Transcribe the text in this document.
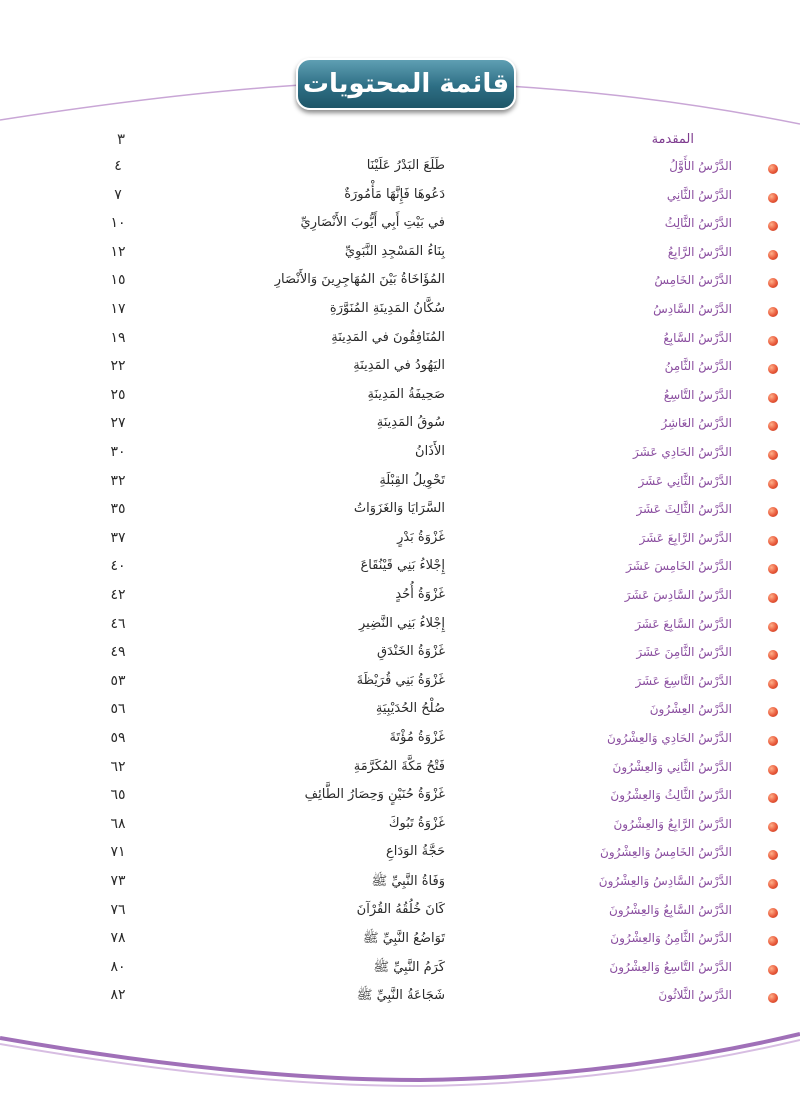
قائمة المحتويات
المقدمة
٣
الدَّرْسُ الأَوَّلُ
طَلَعَ البَدْرُ عَلَيْنَا
٤
الدَّرْسُ الثَّانِي
دَعُوهَا فَإِنَّهَا مَأْمُورَةٌ
٧
الدَّرْسُ الثَّالِثُ
في بَيْتِ أَبِي أَيُّوبَ الأَنْصَارِيِّ
١٠
الدَّرْسُ الرَّابِعُ
بِنَاءُ المَسْجِدِ النَّبَوِيِّ
١٢
الدَّرْسُ الخَامِسُ
المُؤَاخَاةُ بَيْنَ المُهَاجِرِينَ وَالأَنْصَارِ
١٥
الدَّرْسُ السَّادِسُ
سُكَّانُ المَدِينَةِ المُنَوَّرَةِ
١٧
الدَّرْسُ السَّابِعُ
المُنَافِقُونَ في المَدِينَةِ
١٩
الدَّرْسُ الثَّامِنُ
اليَهُودُ في المَدِينَةِ
٢٢
الدَّرْسُ التَّاسِعُ
صَحِيفَةُ المَدِينَةِ
٢٥
الدَّرْسُ العَاشِرُ
سُوقُ المَدِينَةِ
٢٧
الدَّرْسُ الحَادِي عَشَرَ
الأَذَانُ
٣٠
الدَّرْسُ الثَّانِي عَشَرَ
تَحْوِيلُ القِبْلَةِ
٣٢
الدَّرْسُ الثَّالِثَ عَشَرَ
السَّرَايَا وَالغَزَوَاتُ
٣٥
الدَّرْسُ الرَّابِعَ عَشَرَ
غَزْوَةُ بَدْرٍ
٣٧
الدَّرْسُ الخَامِسَ عَشَرَ
إِجْلاءُ بَنِي قَيْنُقَاعَ
٤٠
الدَّرْسُ السَّادِسَ عَشَرَ
غَزْوَةُ أُحُدٍ
٤٢
الدَّرْسُ السَّابِعَ عَشَرَ
إِجْلاءُ بَنِي النَّضِيرِ
٤٦
الدَّرْسُ الثَّامِنَ عَشَرَ
غَزْوَةُ الخَنْدَقِ
٤٩
الدَّرْسُ التَّاسِعَ عَشَرَ
غَزْوَةُ بَنِي قُرَيْظَةَ
٥٣
الدَّرْسُ العِشْرُونَ
صُلْحُ الحُدَيْبِيَةِ
٥٦
الدَّرْسُ الحَادِي وَالعِشْرُونَ
غَزْوَةُ مُؤْتَةَ
٥٩
الدَّرْسُ الثَّانِي وَالعِشْرُونَ
فَتْحُ مَكَّةَ المُكَرَّمَةِ
٦٢
الدَّرْسُ الثَّالِثُ وَالعِشْرُونَ
غَزْوَةُ حُنَيْنٍ وَحِصَارُ الطَّائِفِ
٦٥
الدَّرْسُ الرَّابِعُ وَالعِشْرُونَ
غَزْوَةُ تَبُوكَ
٦٨
الدَّرْسُ الخَامِسُ وَالعِشْرُونَ
حَجَّةُ الوَدَاعِ
٧١
الدَّرْسُ السَّادِسُ وَالعِشْرُونَ
وَفَاةُ النَّبِيِّ ﷺ
٧٣
الدَّرْسُ السَّابِعُ وَالعِشْرُونَ
كَانَ خُلُقُهُ القُرْآنَ
٧٦
الدَّرْسُ الثَّامِنُ وَالعِشْرُونَ
تَوَاضُعُ النَّبِيِّ ﷺ
٧٨
الدَّرْسُ التَّاسِعُ وَالعِشْرُونَ
كَرَمُ النَّبِيِّ ﷺ
٨٠
الدَّرْسُ الثَّلاثُونَ
شَجَاعَةُ النَّبِيِّ ﷺ
٨٢
